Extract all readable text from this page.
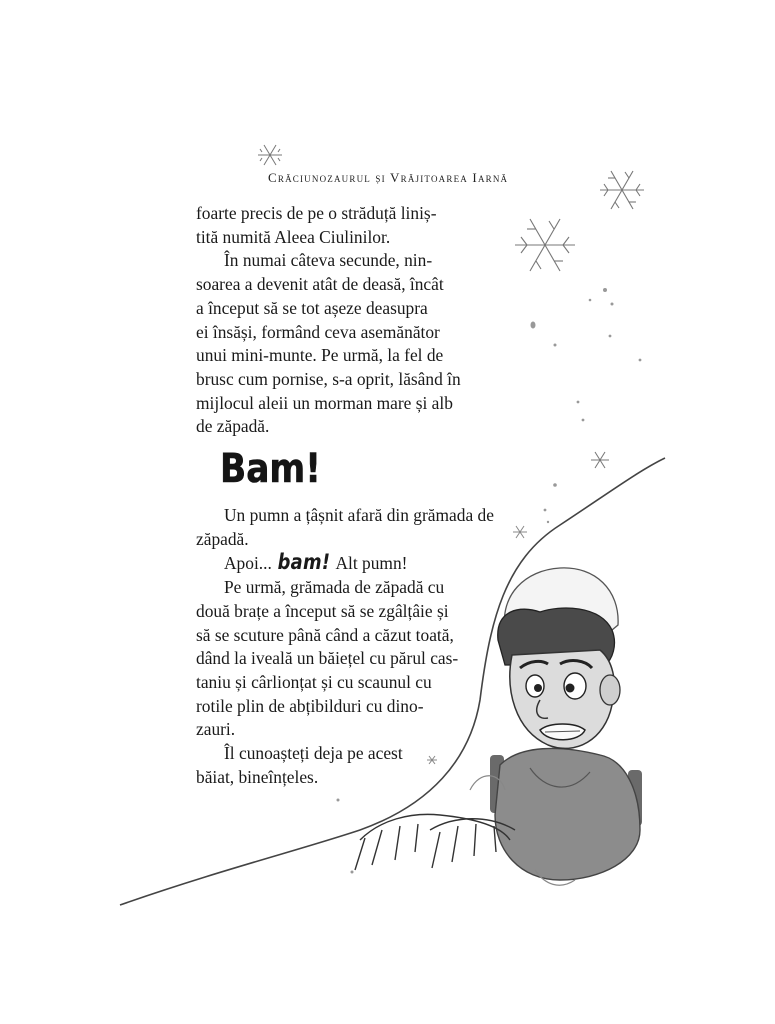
Crăciunozaurul și Vrăjitoarea Iarnă
foarte precis de pe o străduță liniș-
tită numită Aleea Ciulinilor.
În numai câteva secunde, nin-
soarea a devenit atât de deasă, încât
a început să se tot așeze deasupra
ei însăși, formând ceva asemănător
unui mini-munte. Pe urmă, la fel de
brusc cum pornise, s-a oprit, lăsând în
mijlocul aleii un morman mare și alb
de zăpadă.
Bam!
Un pumn a țâșnit afară din grămada de
zăpadă.
Apoi... bam! Alt pumn!
Pe urmă, grămada de zăpadă cu
două brațe a început să se zgâlțâie și
să se scuture până când a căzut toată,
dând la iveală un băiețel cu părul cas-
taniu și cârlionțat și cu scaunul cu
rotile plin de abțibilduri cu dino-
zauri.
Îl cunoașteți deja pe acest
băiat, bineînțeles.
